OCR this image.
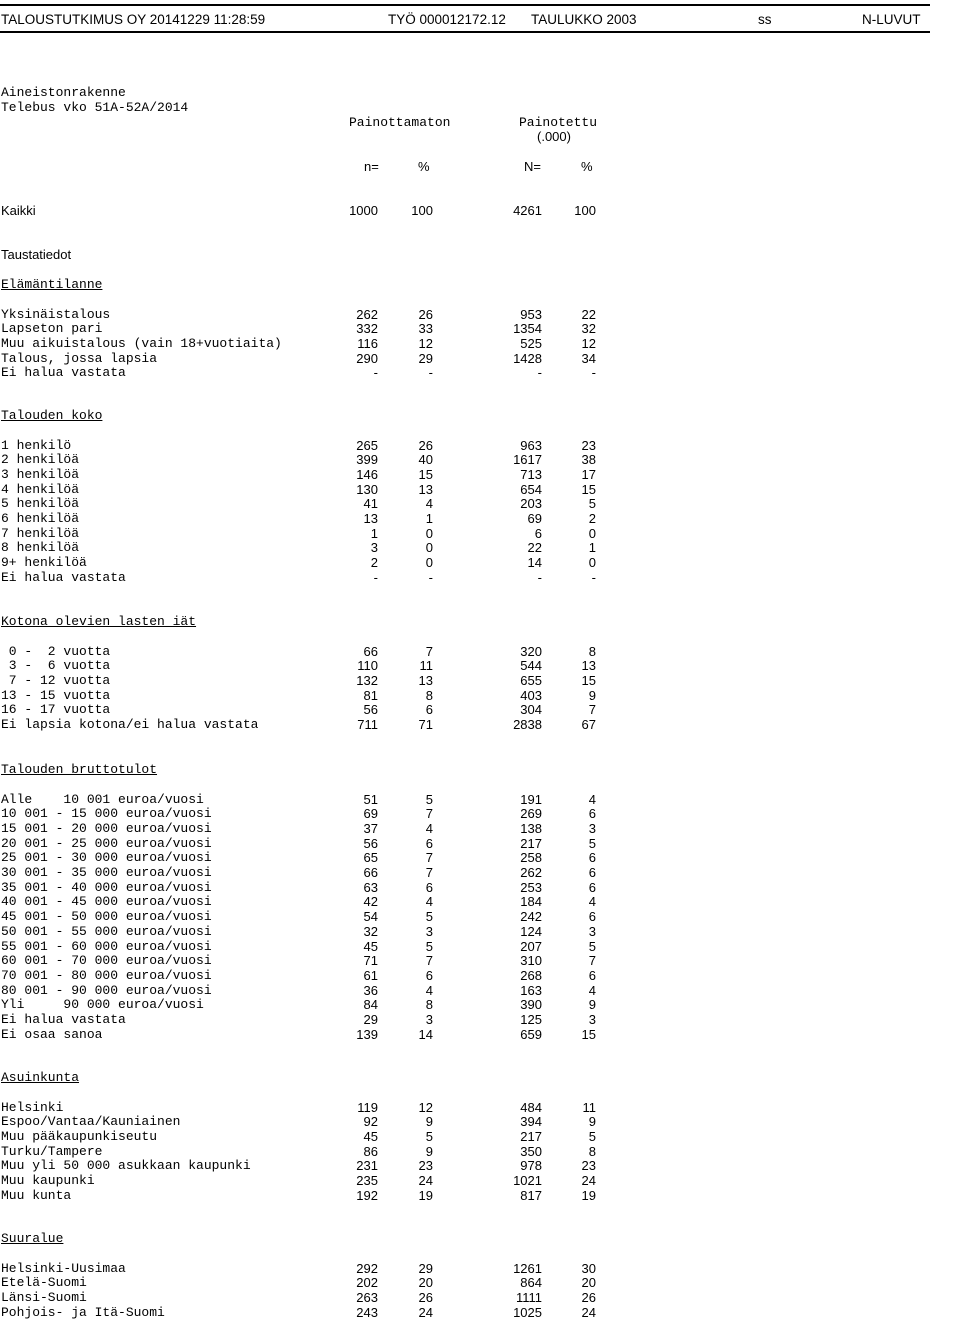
TALOUSTUTKIMUS OY 20141229 11:28:59	TYÖ 000012172.12 TAULUKKO 2003	ss	N-LUVUT
Aineistonrakenne
Telebus vko 51A-52A/2014
Painottamaton	Painotettu
(.000)
n=	%	N=	%
Kaikki	1000	100	4261 100
Taustatiedot
Elämäntilanne
Yksinäistalous	262	26	953	22
Lapseton pari	332	33	1354	32
Muu aikuistalous (vain 18+vuotiaita)	116	12	525	12
Talous, jossa lapsia	290	29	1428	34
Ei halua vastata	-	-	-	-
Talouden koko
1 henkilö	265	26	963	23
2 henkilöä	399	40	1617	38
3 henkilöä	146	15	713	17
4 henkilöä	130	13	654	15
5 henkilöä	41	4	203	5
6 henkilöä	13	1	69	2
7 henkilöä	1	0	6	0
8 henkilöä	3	0	22	1
9+ henkilöä	2	0	14	0
Ei halua vastata	-	-	-	-
Kotona olevien lasten iät
0 -  2 vuotta	66	7	320	8
3 -  6 vuotta	110	11	544	13
7 - 12 vuotta	132	13	655	15
13 - 15 vuotta	81	8	403	9
16 - 17 vuotta	56	6	304	7
Ei lapsia kotona/ei halua vastata	711	71	2838	67
Talouden bruttotulot
Alle    10 001 euroa/vuosi	51	5	191	4
10 001 - 15 000 euroa/vuosi	69	7	269	6
15 001 - 20 000 euroa/vuosi	37	4	138	3
20 001 - 25 000 euroa/vuosi	56	6	217	5
25 001 - 30 000 euroa/vuosi	65	7	258	6
30 001 - 35 000 euroa/vuosi	66	7	262	6
35 001 - 40 000 euroa/vuosi	63	6	253	6
40 001 - 45 000 euroa/vuosi	42	4	184	4
45 001 - 50 000 euroa/vuosi	54	5	242	6
50 001 - 55 000 euroa/vuosi	32	3	124	3
55 001 - 60 000 euroa/vuosi	45	5	207	5
60 001 - 70 000 euroa/vuosi	71	7	310	7
70 001 - 80 000 euroa/vuosi	61	6	268	6
80 001 - 90 000 euroa/vuosi	36	4	163	4
Yli     90 000 euroa/vuosi	84	8	390	9
Ei halua vastata	29	3	125	3
Ei osaa sanoa	139	14	659	15
Asuinkunta
Helsinki	119	12	484	11
Espoo/Vantaa/Kauniainen	92	9	394	9
Muu pääkaupunkiseutu	45	5	217	5
Turku/Tampere	86	9	350	8
Muu yli 50 000 asukkaan kaupunki	231	23	978	23
Muu kaupunki	235	24	1021	24
Muu kunta	192	19	817	19
Suuralue
Helsinki-Uusimaa	292	29	1261	30
Etelä-Suomi	202	20	864	20
Länsi-Suomi	263	26	1111	26
Pohjois- ja Itä-Suomi	243	24	1025	24
